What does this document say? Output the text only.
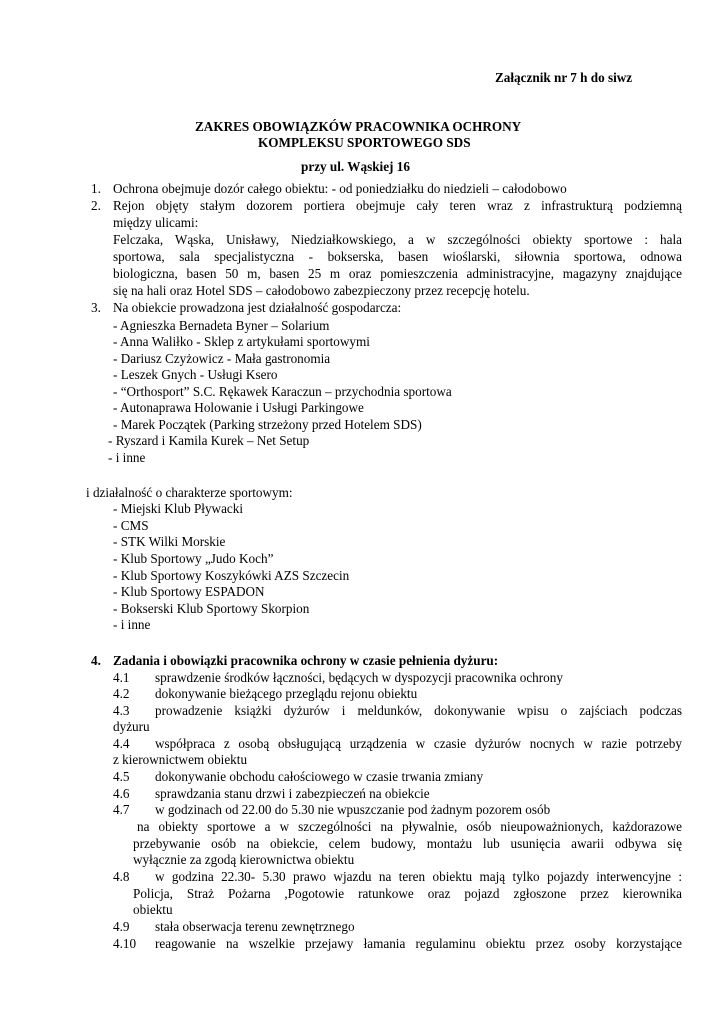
Załącznik nr 7 h do siwz
ZAKRES OBOWIĄZKÓW PRACOWNIKA OCHRONY
KOMPLEKSU SPORTOWEGO SDS
przy ul. Wąskiej 16
1. Ochrona obejmuje dozór całego obiektu: - od poniedziałku do niedzieli – całodobowo
2. Rejon objęty stałym dozorem portiera obejmuje cały teren wraz z infrastrukturą podziemną
między ulicami:
Felczaka, Wąska, Unisławy, Niedziałkowskiego, a w szczególności obiekty sportowe : hala
sportowa, sala specjalistyczna - bokserska, basen wioślarski, siłownia sportowa, odnowa
biologiczna, basen 50 m, basen 25 m oraz pomieszczenia administracyjne, magazyny znajdujące
się na hali oraz Hotel SDS – całodobowo zabezpieczony przez recepcję hotelu.
3. Na obiekcie prowadzona jest działalność gospodarcza:
- Agnieszka Bernadeta Byner – Solarium
- Anna Waliłko - Sklep z artykułami sportowymi
- Dariusz Czyżowicz - Mała gastronomia
- Leszek Gnych - Usługi Ksero
- “Orthosport” S.C. Rękawek Karaczun – przychodnia sportowa
- Autonaprawa Holowanie i Usługi Parkingowe
- Marek Początek (Parking strzeżony przed Hotelem SDS)
- Ryszard i Kamila Kurek – Net Setup
- i inne
i działalność o charakterze sportowym:
- Miejski Klub Pływacki
- CMS
- STK Wilki Morskie
- Klub Sportowy „Judo Koch”
- Klub Sportowy Koszykówki AZS Szczecin
- Klub Sportowy ESPADON
- Bokserski Klub Sportowy Skorpion
- i inne
4. Zadania i obowiązki pracownika ochrony w czasie pełnienia dyżuru:
4.1 sprawdzenie środków łączności, będących w dyspozycji pracownika ochrony
4.2 dokonywanie bieżącego przeglądu rejonu obiektu
4.3 prowadzenie książki dyżurów i meldunków, dokonywanie wpisu o zajściach podczas
dyżuru
4.4 współpraca z osobą obsługującą urządzenia w czasie dyżurów nocnych w razie potrzeby
z kierownictwem obiektu
4.5 dokonywanie obchodu całościowego w czasie trwania zmiany
4.6 sprawdzania stanu drzwi i zabezpieczeń na obiekcie
4.7 w godzinach od 22.00 do 5.30 nie wpuszczanie pod żadnym pozorem osób
na obiekty sportowe a w szczególności na pływalnie, osób nieupoważnionych, każdorazowe
przebywanie osób na obiekcie, celem budowy, montażu lub usunięcia awarii odbywa się
wyłącznie za zgodą kierownictwa obiektu
4.8 w godzina 22.30- 5.30 prawo wjazdu na teren obiektu mają tylko pojazdy interwencyjne :
Policja, Straż Pożarna ,Pogotowie ratunkowe oraz pojazd zgłoszone przez kierownika
obiektu
4.9 stała obserwacja terenu zewnętrznego
4.10 reagowanie na wszelkie przejawy łamania regulaminu obiektu przez osoby korzystające
